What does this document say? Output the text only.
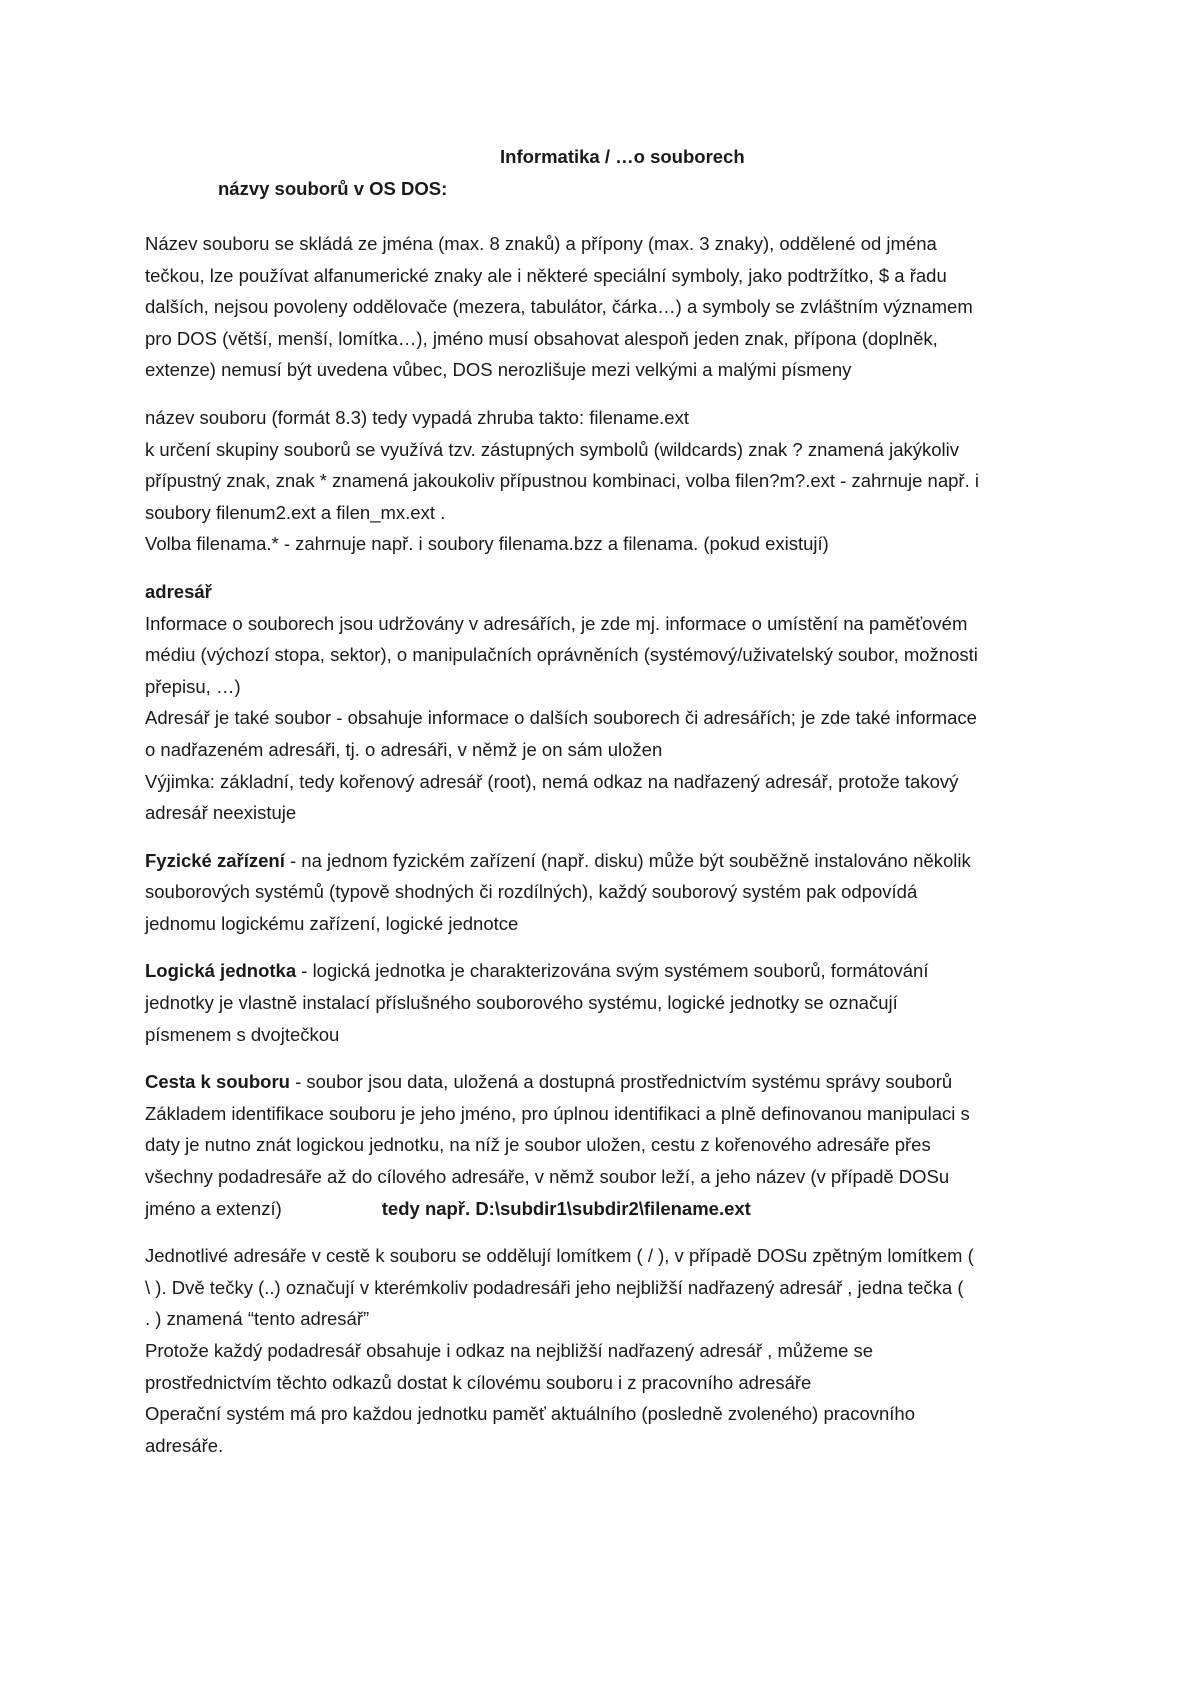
Informatika / …o souborech
názvy souborů v OS DOS:
Název souboru se skládá ze jména (max. 8 znaků) a přípony (max. 3 znaky), oddělené od jména
tečkou, lze používat alfanumerické znaky ale i některé speciální symboly, jako podtržítko, $ a řadu
dalších, nejsou povoleny oddělovače (mezera, tabulátor, čárka…) a symboly se zvláštním významem
pro DOS (větší, menší, lomítka…), jméno musí obsahovat alespoň jeden znak, přípona (doplněk,
extenze) nemusí být uvedena vůbec, DOS nerozlišuje mezi velkými a malými písmeny
název souboru (formát 8.3) tedy vypadá zhruba takto: filename.ext
k určení skupiny souborů se využívá tzv. zástupných symbolů (wildcards) znak ? znamená jakýkoliv
přípustný znak, znak * znamená jakoukoliv přípustnou kombinaci, volba filen?m?.ext - zahrnuje např. i
soubory filenum2.ext a filen_mx.ext .
Volba filenama.* - zahrnuje např. i soubory filenama.bzz a filenama. (pokud existují)
adresář
Informace o souborech jsou udržovány v adresářích, je zde mj. informace o umístění na paměťovém
médiu (výchozí stopa, sektor), o manipulačních oprávněních (systémový/uživatelský soubor, možnosti
přepisu, …)
Adresář je také soubor - obsahuje informace o dalších souborech či adresářích; je zde také informace
o nadřazeném adresáři, tj. o adresáři, v němž je on sám uložen
Výjimka: základní, tedy kořenový adresář (root), nemá odkaz na nadřazený adresář, protože takový
adresář neexistuje
Fyzické zařízení - na jednom fyzickém zařízení (např. disku) může být souběžně instalováno několik
souborových systémů (typově shodných či rozdílných), každý souborový systém pak odpovídá
jednomu logickému zařízení, logické jednotce
Logická jednotka - logická jednotka je charakterizována svým systémem souborů, formátování
jednotky je vlastně instalací příslušného souborového systému, logické jednotky se označují
písmenem s dvojtečkou
Cesta k souboru - soubor jsou data, uložená a dostupná prostřednictvím systému správy souborů
Základem identifikace souboru je jeho jméno, pro úplnou identifikaci a plně definovanou manipulaci s
daty je nutno znát logickou jednotku, na níž je soubor uložen, cestu z kořenového adresáře přes
všechny podadresáře až do cílového adresáře, v němž soubor leží, a jeho název (v případě DOSu
jméno a extenzí)	tedy např. D:\subdir1\subdir2\filename.ext
Jednotlivé adresáře v cestě k souboru se oddělují lomítkem ( / ), v případě DOSu zpětným lomítkem (
\ ). Dvě tečky (..) označují v kterémkoliv podadresáři jeho nejbližší nadřazený adresář , jedna tečka (
. ) znamená “tento adresář”
Protože každý podadresář obsahuje i odkaz na nejbližší nadřazený adresář , můžeme se
prostřednictvím těchto odkazů dostat k cílovému souboru i z pracovního adresáře
Operační systém má pro každou jednotku paměť aktuálního (posledně zvoleného) pracovního
adresáře.
